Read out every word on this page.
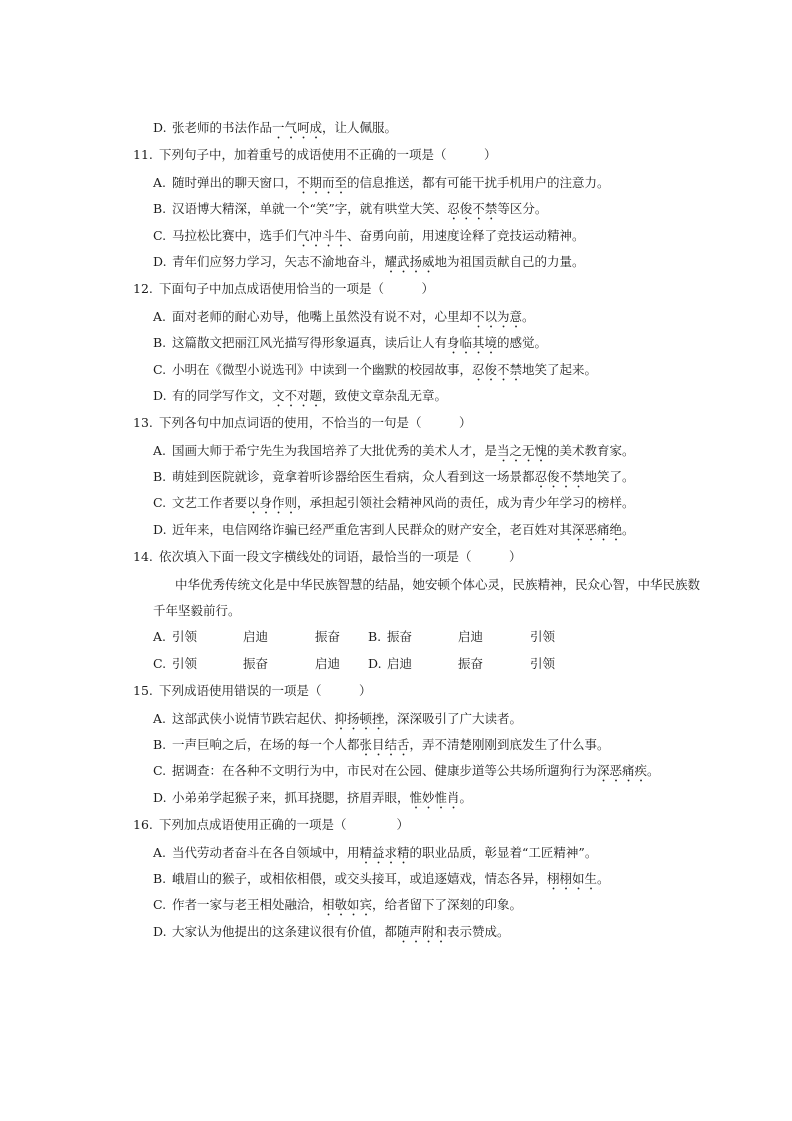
D. 张老师的书法作品一气呵成，让人佩服。
11. 下列句子中，加着重号的成语使用不正确的一项是（　　　）
A. 随时弹出的聊天窗口，不期而至的信息推送，都有可能干扰手机用户的注意力。
B. 汉语博大精深，单就一个“笑”字，就有哄堂大笑、忍俊不禁等区分。
C. 马拉松比赛中，选手们气冲斗牛、奋勇向前，用速度诠释了竞技运动精神。
D. 青年们应努力学习，矢志不渝地奋斗，耀武扬威地为祖国贡献自己的力量。
12. 下面句子中加点成语使用恰当的一项是（　　　）
A. 面对老师的耐心劝导，他嘴上虽然没有说不对，心里却不以为意。
B. 这篇散文把丽江风光描写得形象逼真，读后让人有身临其境的感觉。
C. 小明在《微型小说选刊》中读到一个幽默的校园故事，忍俊不禁地笑了起来。
D. 有的同学写作文，文不对题，致使文章杂乱无章。
13. 下列各句中加点词语的使用，不恰当的一句是（　　　）
A. 国画大师于希宁先生为我国培养了大批优秀的美术人才，是当之无愧的美术教育家。
B. 萌娃到医院就诊，竟拿着听诊器给医生看病，众人看到这一场景都忍俊不禁地笑了。
C. 文艺工作者要以身作则，承担起引领社会精神风尚的责任，成为青少年学习的榜样。
D. 近年来，电信网络诈骗已经严重危害到人民群众的财产安全，老百姓对其深恶痛绝。
14. 依次填入下面一段文字横线处的词语，最恰当的一项是（　　　）
中华优秀传统文化是中华民族智慧的结晶，她安顿个体心灵，民族精神，民众心智，中华民族数千年坚毅前行。
A. 引领	启迪	振奋 B. 振奋	启迪	引领
C. 引领	振奋	启迪 D. 启迪	振奋	引领
15. 下列成语使用错误的一项是（　　　）
A. 这部武侠小说情节跌宕起伏、抑扬顿挫，深深吸引了广大读者。
B. 一声巨响之后，在场的每一个人都张目结舌，弄不清楚刚刚到底发生了什么事。
C. 据调查：在各种不文明行为中，市民对在公园、健康步道等公共场所遛狗行为深恶痛疾。
D. 小弟弟学起猴子来，抓耳挠腮，挤眉弄眼，惟妙惟肖。
16. 下列加点成语使用正确的一项是（　　　　）
A. 当代劳动者奋斗在各自领域中，用精益求精的职业品质，彰显着“工匠精神”。
B. 峨眉山的猴子，或相依相偎，或交头接耳，或追逐嬉戏，情态各异，栩栩如生。
C. 作者一家与老王相处融洽，相敬如宾，给者留下了深刻的印象。
D. 大家认为他提出的这条建议很有价值，都随声附和表示赞成。
